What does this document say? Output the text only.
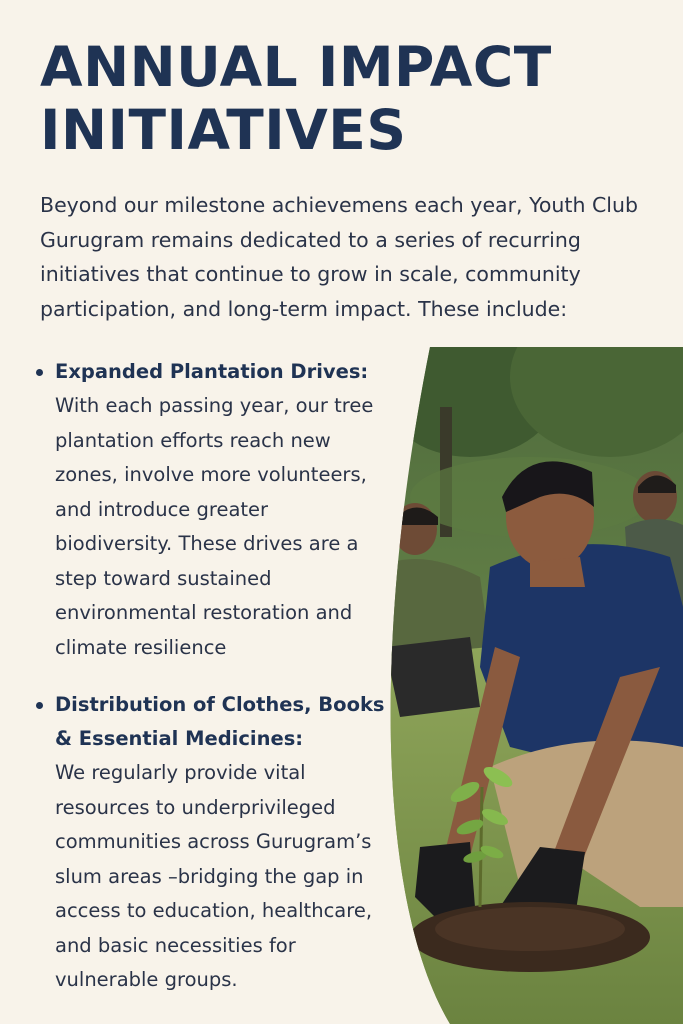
ANNUAL IMPACT
INITIATIVES

Beyond our milestone achievemens each year, Youth Club Gurugram remains dedicated to a series of recurring initiatives that continue to grow in scale, community participation, and long-term impact. These include:

Expanded Plantation Drives:
With each passing year, our tree
plantation efforts reach new
zones, involve more volunteers,
and introduce greater
biodiversity. These drives are a
step toward sustained
environmental restoration and
climate resilience
Distribution of Clothes, Books
& Essential Medicines:
We regularly provide vital
resources to underprivileged
communities across Gurugram’s
slum areas –bridging the gap in
access to education, healthcare,
and basic necessities for
vulnerable groups.
